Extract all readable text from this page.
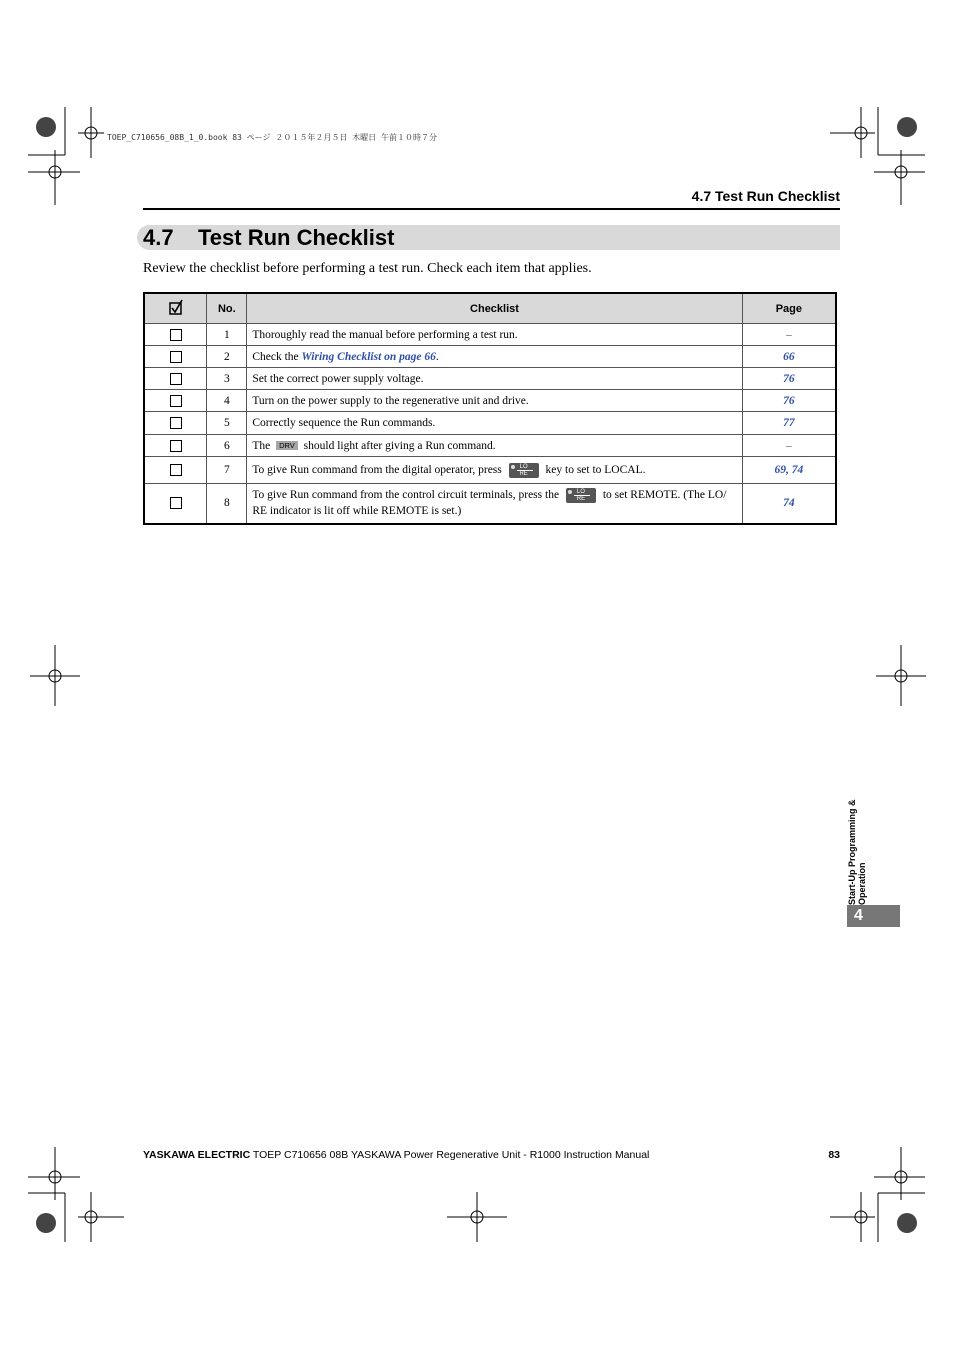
TOEP_C710656_08B_1_0.book 83 ページ ２０１５年２月５日 木曜日 午前１０時７分
4.7 Test Run Checklist
4.7 Test Run Checklist
Review the checklist before performing a test run. Check each item that applies.
	No.	Checklist	Page
	1	Thoroughly read the manual before performing a test run.	–
	2	Check the Wiring Checklist on page 66.	66
	3	Set the correct power supply voltage.	76
	4	Turn on the power supply to the regenerative unit and drive.	76
	5	Correctly sequence the Run commands.	77
	6	The DRV should light after giving a Run command.	–
	7	To give Run command from the digital operator, press $\frac{LO}{RE}$ key to set to LOCAL.	69, 74
	8	To give Run command from the control circuit terminals, press the $\frac{LO}{RE}$ to set REMOTE. (The LO/ RE indicator is lit off while REMOTE is set.)	74
Start-Up Programming & Operation
4
YASKAWA ELECTRIC TOEP C710656 08B YASKAWA Power Regenerative Unit - R1000 Instruction Manual	83
